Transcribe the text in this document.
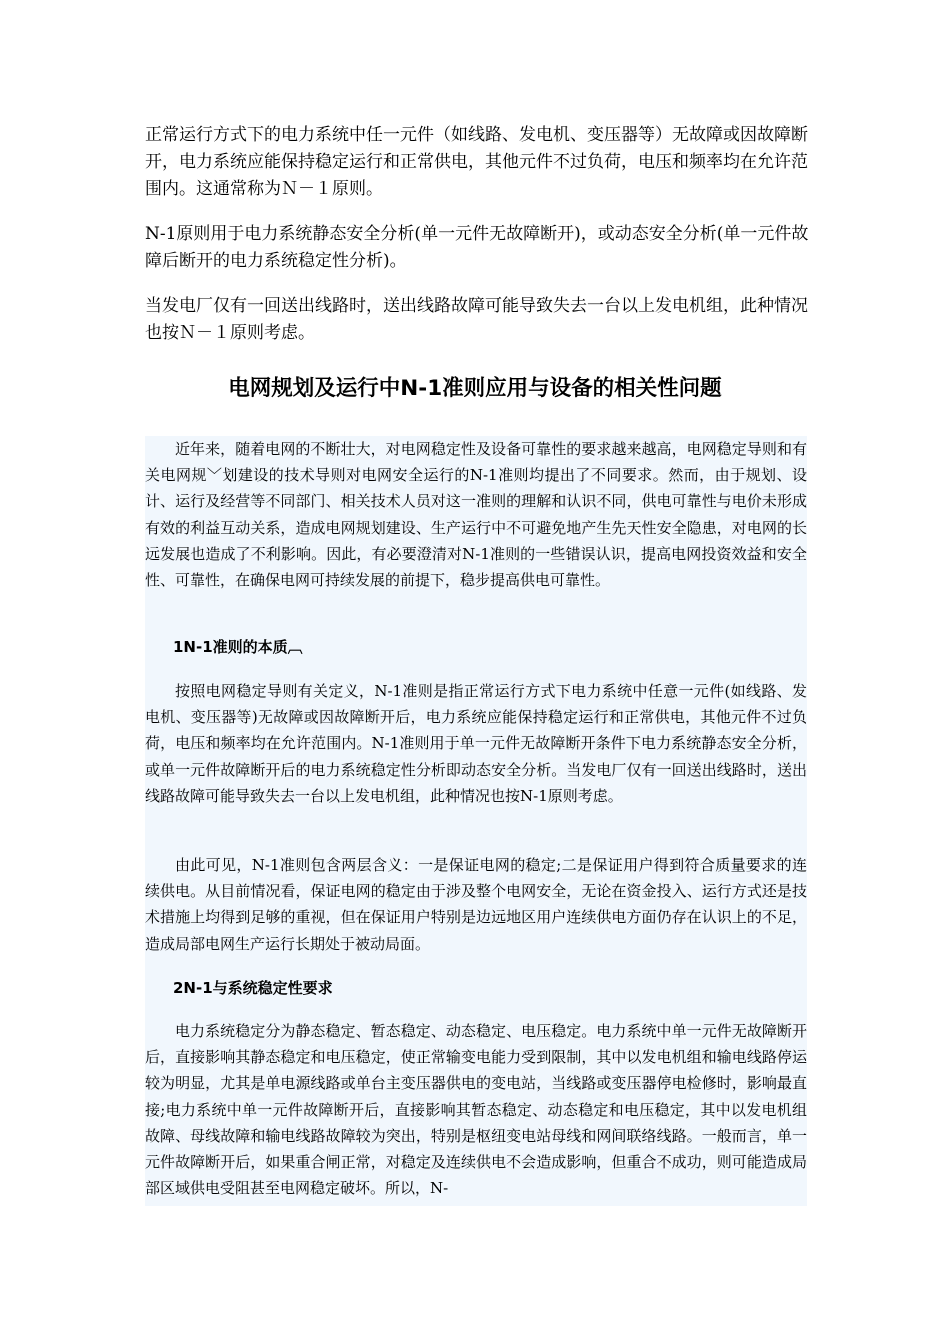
正常运行方式下的电力系统中任一元件（如线路、发电机、变压器等）无故障或因故障断开，电力系统应能保持稳定运行和正常供电，其他元件不过负荷，电压和频率均在允许范围内。这通常称为Ｎ－１原则。

N-1原则用于电力系统静态安全分析(单一元件无故障断开)，或动态安全分析(单一元件故障后断开的电力系统稳定性分析)。

当发电厂仅有一回送出线路时，送出线路故障可能导致失去一台以上发电机组，此种情况也按Ｎ－１原则考虑。

电网规划及运行中N-1准则应用与设备的相关性问题

近年来，随着电网的不断壮大，对电网稳定性及设备可靠性的要求越来越高，电网稳定导则和有关电网规﹀划建设的技术导则对电网安全运行的N-1准则均提出了不同要求。然而，由于规划、设计、运行及经营等不同部门、相关技术人员对这一准则的理解和认识不同，供电可靠性与电价未形成有效的利益互动关系，造成电网规划建设、生产运行中不可避免地产生先天性安全隐患，对电网的长远发展也造成了不利影响。因此，有必要澄清对N-1准则的一些错误认识，提高电网投资效益和安全性、可靠性，在确保电网可持续发展的前提下，稳步提高供电可靠性。

1N-1准则的本质︹

按照电网稳定导则有关定义，N-1准则是指正常运行方式下电力系统中任意一元件(如线路、发电机、变压器等)无故障或因故障断开后，电力系统应能保持稳定运行和正常供电，其他元件不过负荷，电压和频率均在允许范围内。N-1准则用于单一元件无故障断开条件下电力系统静态安全分析，或单一元件故障断开后的电力系统稳定性分析即动态安全分析。当发电厂仅有一回送出线路时，送出线路故障可能导致失去一台以上发电机组，此种情况也按N-1原则考虑。

由此可见，N-1准则包含两层含义：一是保证电网的稳定;二是保证用户得到符合质量要求的连续供电。从目前情况看，保证电网的稳定由于涉及整个电网安全，无论在资金投入、运行方式还是技术措施上均得到足够的重视，但在保证用户特别是边远地区用户连续供电方面仍存在认识上的不足，造成局部电网生产运行长期处于被动局面。

2N-1与系统稳定性要求

电力系统稳定分为静态稳定、暂态稳定、动态稳定、电压稳定。电力系统中单一元件无故障断开后，直接影响其静态稳定和电压稳定，使正常输变电能力受到限制，其中以发电机组和输电线路停运较为明显，尤其是单电源线路或单台主变压器供电的变电站，当线路或变压器停电检修时，影响最直接;电力系统中单一元件故障断开后，直接影响其暂态稳定、动态稳定和电压稳定，其中以发电机组故障、母线故障和输电线路故障较为突出，特别是枢纽变电站母线和网间联络线路。一般而言，单一元件故障断开后，如果重合闸正常，对稳定及连续供电不会造成影响，但重合不成功，则可能造成局部区域供电受阻甚至电网稳定破坏。所以，N-
